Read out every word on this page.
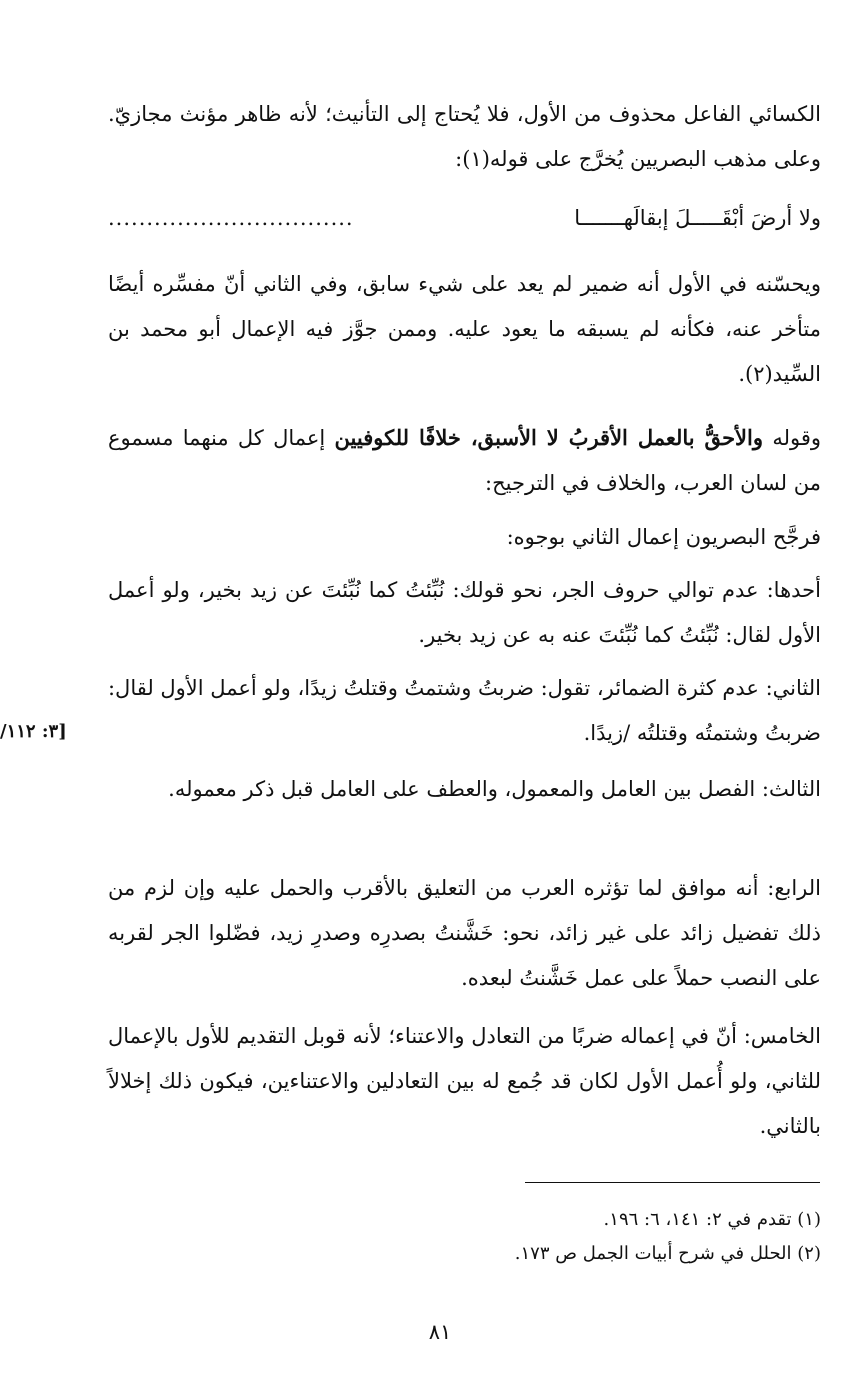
الكسائي الفاعل محذوف من الأول، فلا يُحتاج إلى التأنيث؛ لأنه ظاهر مؤنث مجازيّ. وعلى مذهب البصريين يُخرَّج على قوله(١):

ولا أرضَ أبْقَـــــلَ إبقالَهـــــــا
................................

ويحسّنه في الأول أنه ضمير لم يعد على شيء سابق، وفي الثاني أنّ مفسِّره أيضًا متأخر عنه، فكأنه لم يسبقه ما يعود عليه. وممن جوَّز فيه الإعمال أبو محمد بن السِّيد(٢).

وقوله والأحقُّ بالعمل الأقربُ لا الأسبق، خلافًا للكوفيين إعمال كل منهما مسموع من لسان العرب، والخلاف في الترجيح:

فرجَّح البصريون إعمال الثاني بوجوه:

أحدها: عدم توالي حروف الجر، نحو قولك: نُبِّئتُ كما نُبِّئتَ عن زيد بخير، ولو أعمل الأول لقال: نُبِّئتُ كما نُبِّئتَ عنه به عن زيد بخير.

الثاني: عدم كثرة الضمائر، تقول: ضربتُ وشتمتُ وقتلتُ زيدًا، ولو أعمل الأول لقال: ضربتُ وشتمتُه وقتلتُه /زيدًا.

[٣: ١١٢/

الثالث: الفصل بين العامل والمعمول، والعطف على العامل قبل ذكر معموله.

الرابع: أنه موافق لما تؤثره العرب من التعليق بالأقرب والحمل عليه وإن لزم من ذلك تفضيل زائد على غير زائد، نحو: خَشَّنتُ بصدرِه وصدرِ زيد، فضّلوا الجر لقربه على النصب حملاً على عمل خَشَّنتُ لبعده.

الخامس: أنّ في إعماله ضربًا من التعادل والاعتناء؛ لأنه قوبل التقديم للأول بالإعمال للثاني، ولو أُعمل الأول لكان قد جُمع له بين التعادلين والاعتناءين، فيكون ذلك إخلالاً بالثاني.

(١) تقدم في ٢: ١٤١، ٦: ١٩٦.
(٢) الحلل في شرح أبيات الجمل ص ١٧٣.
٨١
